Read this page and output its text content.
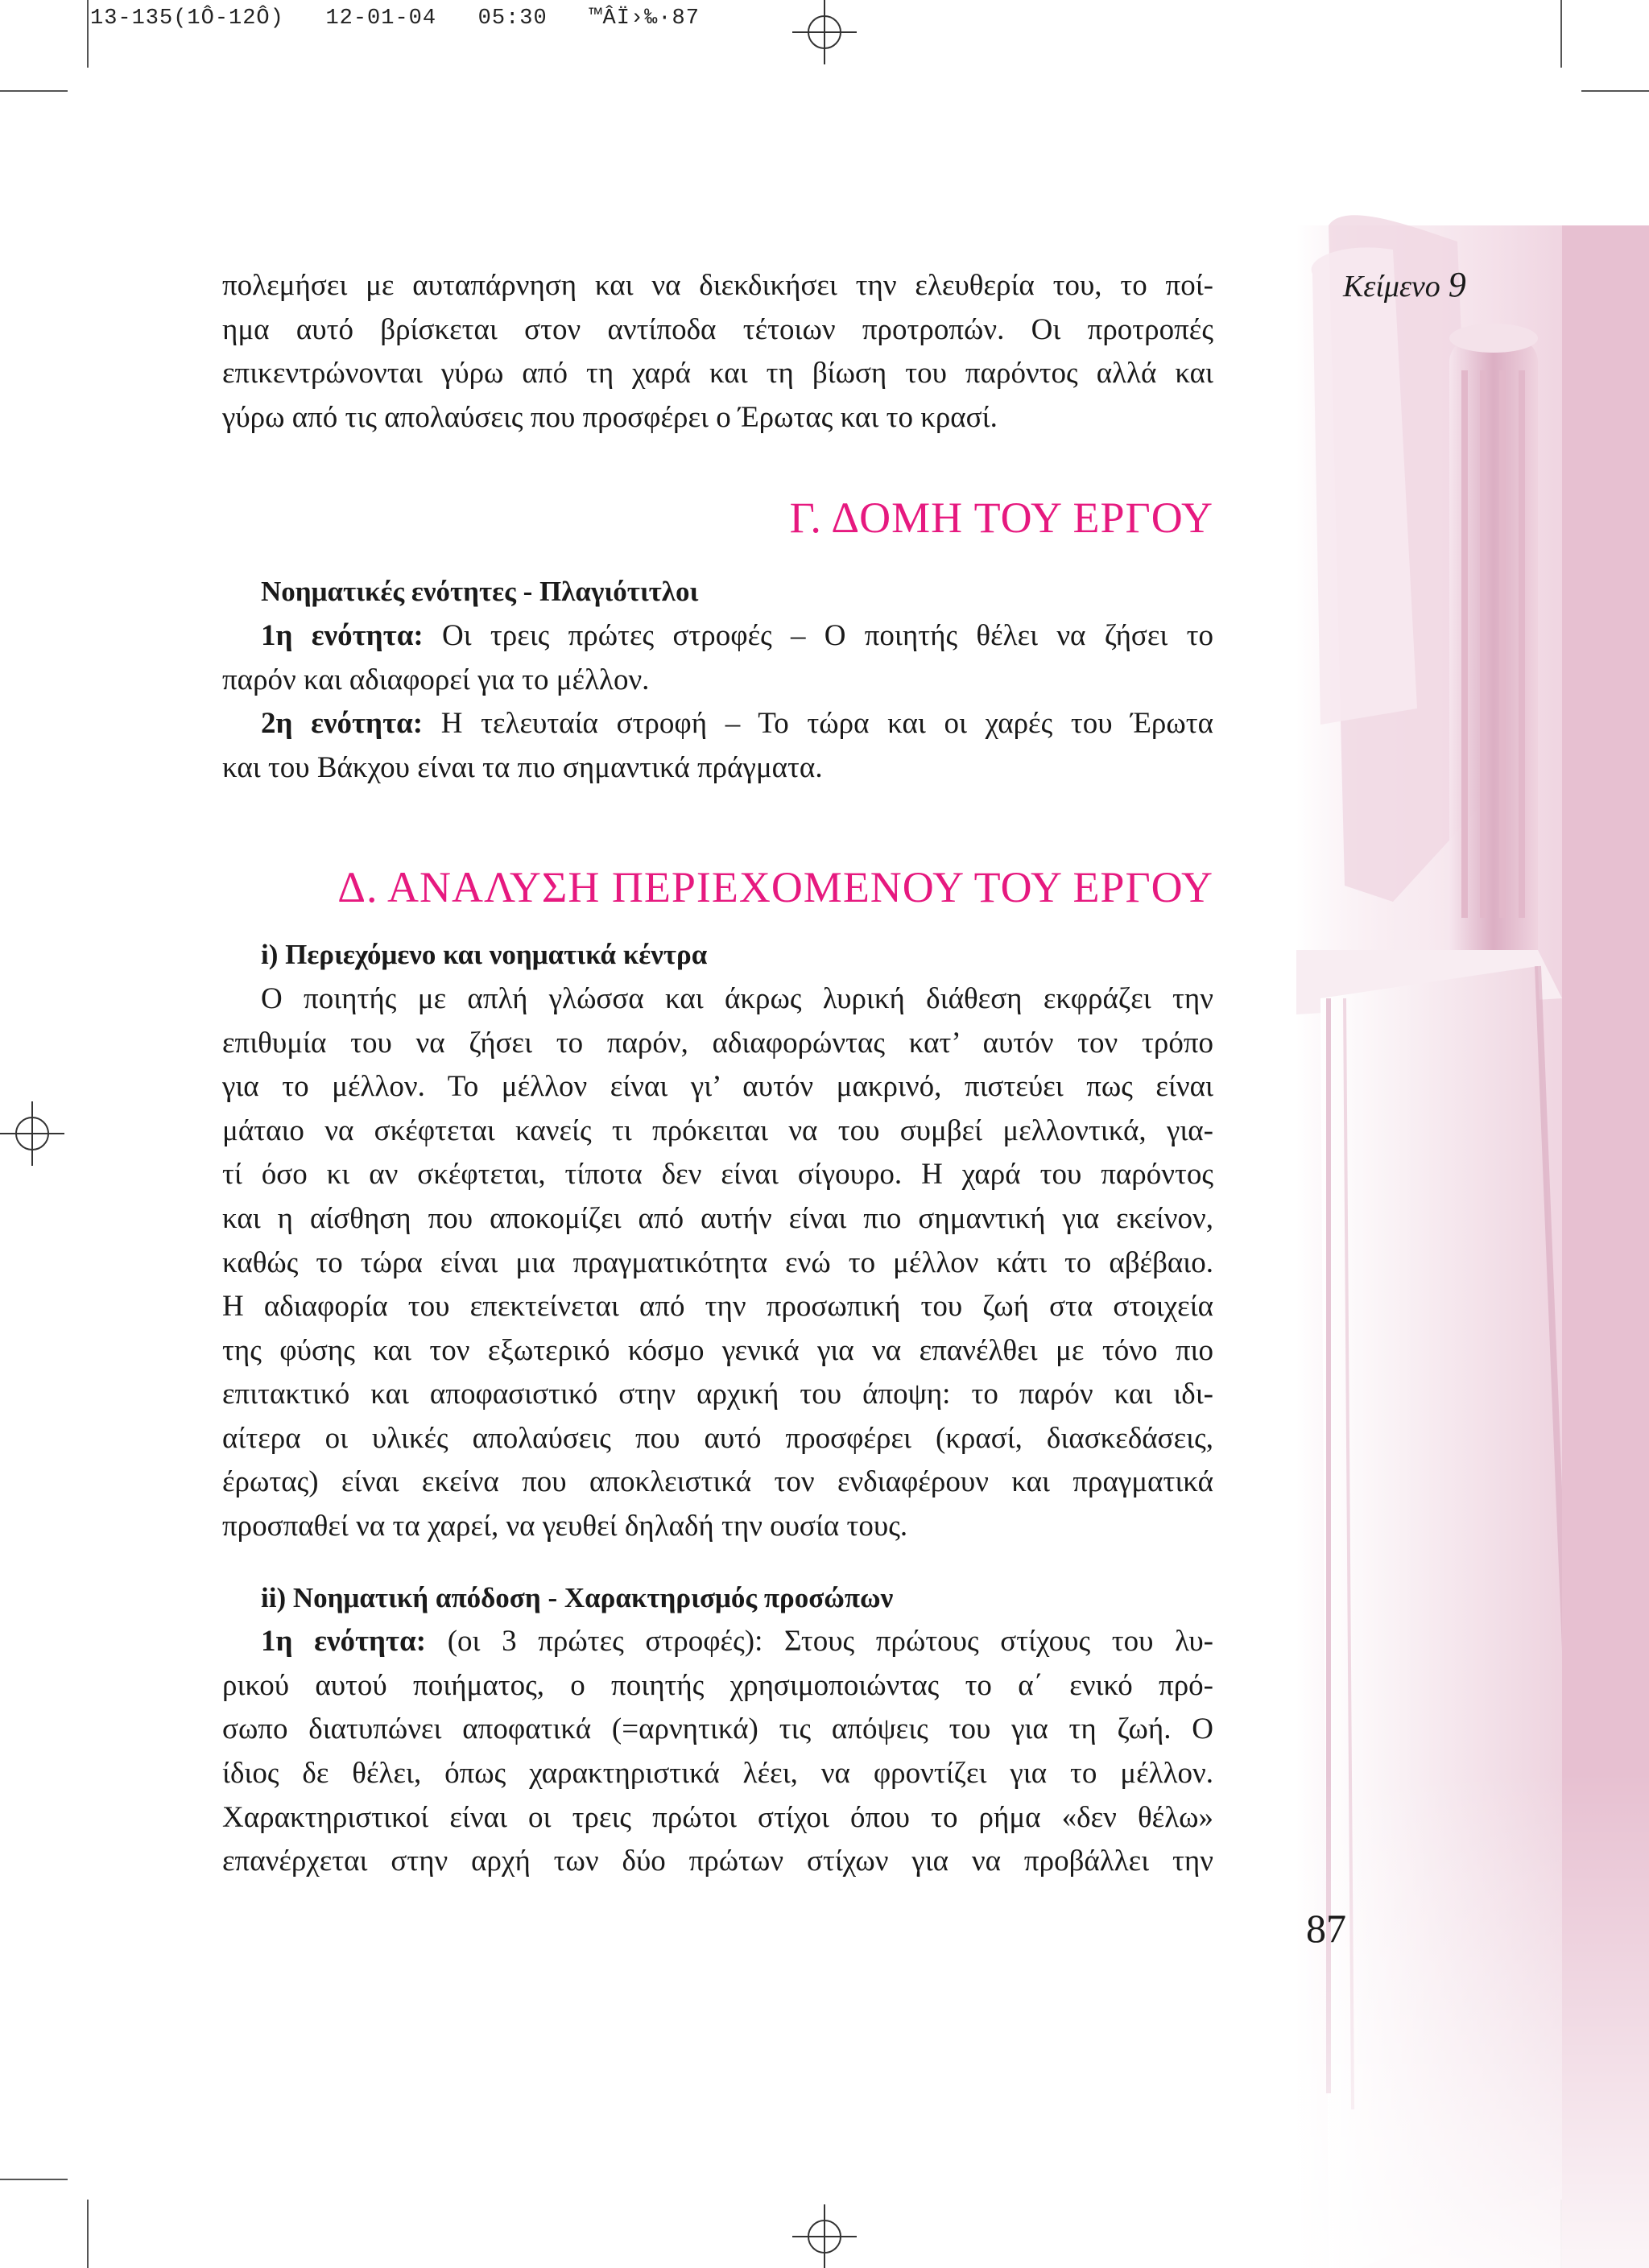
13-135(1Ô-12Ô)   12-01-04   05:30   ™ÂÏ›‰·87
Κείμενο 9
87

πολεμήσει με αυταπάρνηση και να διεκδικήσει την ελευθερία του, το ποί-

ημα αυτό βρίσκεται στον αντίποδα τέτοιων προτροπών. Οι προτροπές

επικεντρώνονται γύρω από τη χαρά και τη βίωση του παρόντος αλλά και

γύρω από τις απολαύσεις που προσφέρει ο Έρωτας και το κρασί.

Γ. ΔΟΜΗ ΤΟΥ ΕΡΓΟΥ

Νοηματικές ενότητες - Πλαγιότιτλοι

1η ενότητα: Οι τρεις πρώτες στροφές – Ο ποιητής θέλει να ζήσει το

παρόν και αδιαφορεί για το μέλλον.

2η ενότητα: Η τελευταία στροφή – Το τώρα και οι χαρές του Έρωτα

και του Βάκχου είναι τα πιο σημαντικά πράγματα.

Δ. ΑΝΑΛΥΣΗ ΠΕΡΙΕΧΟΜΕΝΟΥ ΤΟΥ ΕΡΓΟΥ

i) Περιεχόμενο και νοηματικά κέντρα

Ο ποιητής με απλή γλώσσα και άκρως λυρική διάθεση εκφράζει την

επιθυμία του να ζήσει το παρόν, αδιαφορώντας κατ’ αυτόν τον τρόπο

για το μέλλον. Το μέλλον είναι γι’ αυτόν μακρινό, πιστεύει πως είναι

μάταιο να σκέφτεται κανείς τι πρόκειται να του συμβεί μελλοντικά, για-

τί όσο κι αν σκέφτεται, τίποτα δεν είναι σίγουρο. Η χαρά του παρόντος

και η αίσθηση που αποκομίζει από αυτήν είναι πιο σημαντική για εκείνον,

καθώς το τώρα είναι μια πραγματικότητα ενώ το μέλλον κάτι το αβέβαιο.

Η αδιαφορία του επεκτείνεται από την προσωπική του ζωή στα στοιχεία

της φύσης και τον εξωτερικό κόσμο γενικά για να επανέλθει με τόνο πιο

επιτακτικό και αποφασιστικό στην αρχική του άποψη: το παρόν και ιδι-

αίτερα οι υλικές απολαύσεις που αυτό προσφέρει (κρασί, διασκεδάσεις,

έρωτας) είναι εκείνα που αποκλειστικά τον ενδιαφέρουν και πραγματικά

προσπαθεί να τα χαρεί, να γευθεί δηλαδή την ουσία τους.

ii) Νοηματική απόδοση - Χαρακτηρισμός προσώπων

1η ενότητα: (οι 3 πρώτες στροφές): Στους πρώτους στίχους του λυ-

ρικού αυτού ποιήματος, ο ποιητής χρησιμοποιώντας το α΄ ενικό πρό-

σωπο διατυπώνει αποφατικά (=αρνητικά) τις απόψεις του για τη ζωή. Ο

ίδιος δε θέλει, όπως χαρακτηριστικά λέει, να φροντίζει για το μέλλον.

Χαρακτηριστικοί είναι οι τρεις πρώτοι στίχοι όπου το ρήμα «δεν θέλω»

επανέρχεται στην αρχή των δύο πρώτων στίχων για να προβάλλει την
